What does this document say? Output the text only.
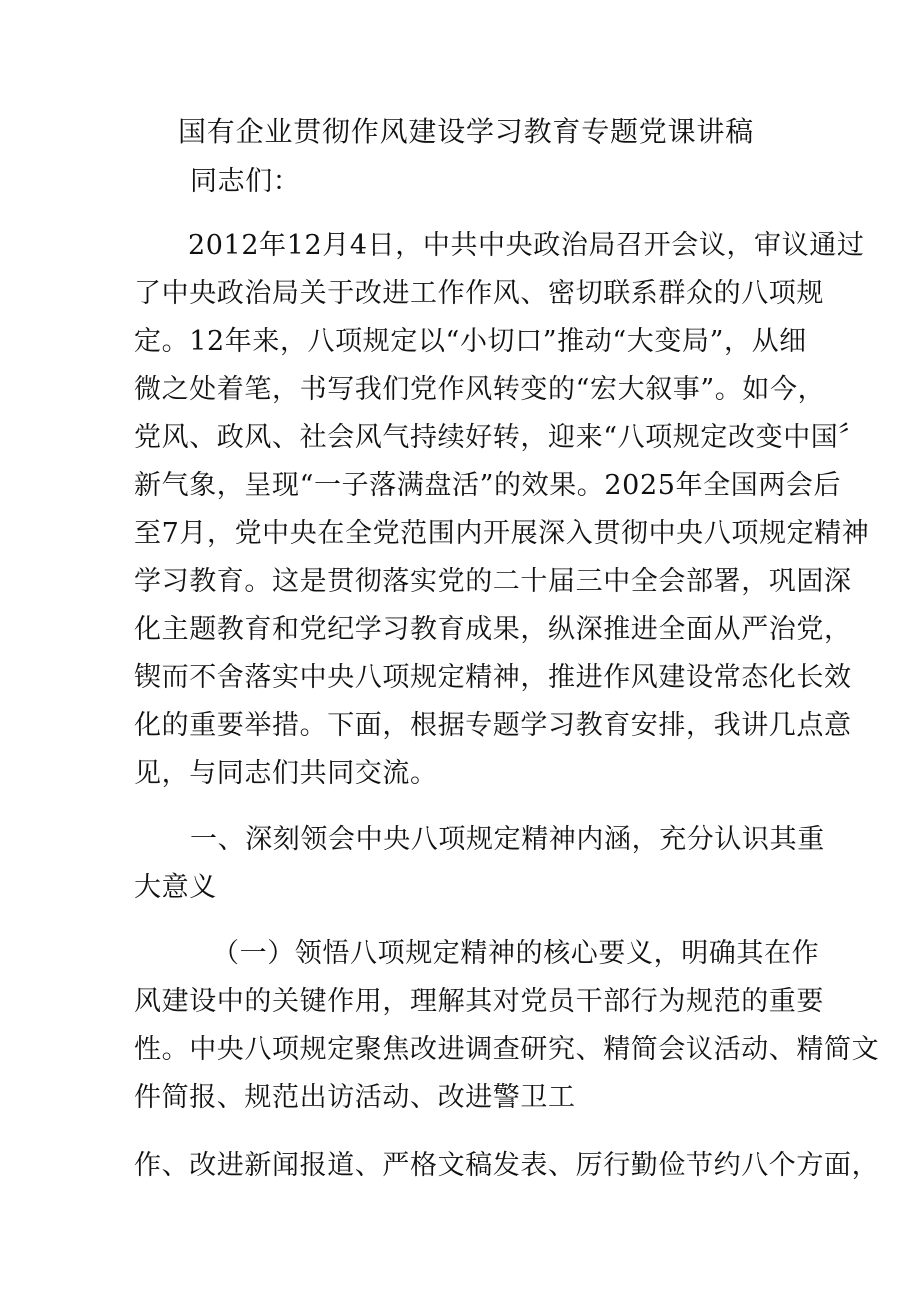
国有企业贯彻作风建设学习教育专题党课讲稿
同志们：
2012年12月4日，中共中央政治局召开会议，审议通过
了中央政治局关于改进工作作风、密切联系群众的八项规
定。12年来，八项规定以“小切口”推动“大变局”，从细
微之处着笔，书写我们党作风转变的“宏大叙事”。如今，
党风、政风、社会风气持续好转，迎来“八项规定改变中国〞
新气象，呈现“一子落满盘活”的效果。2025年全国两会后
至7月，党中央在全党范围内开展深入贯彻中央八项规定精神
学习教育。这是贯彻落实党的二十届三中全会部署，巩固深
化主题教育和党纪学习教育成果，纵深推进全面从严治党，
锲而不舍落实中央八项规定精神，推进作风建设常态化长效
化的重要举措。下面，根据专题学习教育安排，我讲几点意
见，与同志们共同交流。
一、深刻领会中央八项规定精神内涵，充分认识其重
大意义
（一）领悟八项规定精神的核心要义，明确其在作
风建设中的关键作用，理解其对党员干部行为规范的重要
性。中央八项规定聚焦改进调查研究、精简会议活动、精简文
件简报、规范出访活动、改进警卫工
作、改进新闻报道、严格文稿发表、厉行勤俭节约八个方面，
